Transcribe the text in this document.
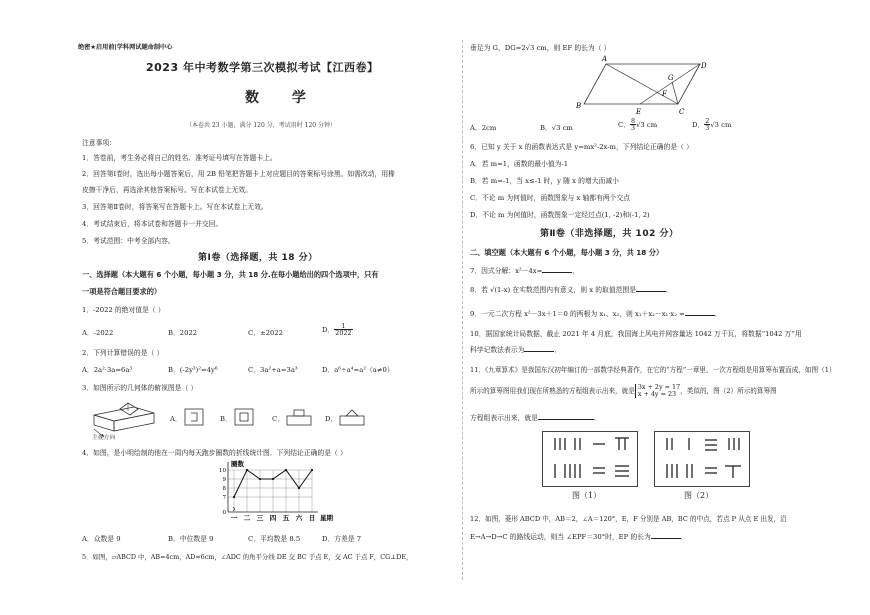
绝密★启用前|学科网试题命制中心
2023 年中考数学第三次模拟考试【江西卷】
数 学
（本卷共 23 小题，满分 120 分，考试用时 120 分钟）
注意事项：
1．答卷前，考生务必将自己的姓名、准考证号填写在答题卡上。
2．回答第Ⅰ卷时，选出每小题答案后，用 2B 铅笔把答题卡上对应题目的答案标号涂黑。如需改动，用橡
皮擦干净后，再选涂其他答案标号。写在本试卷上无效。
3．回答第Ⅱ卷时，将答案写在答题卡上。写在本试卷上无效。
4．考试结束后，将本试卷和答题卡一并交回。
5．考试范围：中考全部内容。
第Ⅰ卷（选择题，共 18 分）
一、选择题（本大题有 6 个小题，每小题 3 分，共 18 分.在每小题给出的四个选项中，只有
一项是符合题目要求的）
1．-2022 的绝对值是（ ）
A．-2022	B．2022	C．±2022	D． $\frac{1}{2022}$
2．下列计算错误的是（ ）
A．2a²·3a=6a³	B．(-2y³)²=4y⁶	C．3a²+a=3a³	D．a⁶÷a⁴=a²（a≠0）
3．如图所示的几何体的俯视图是（ ）
主视方向
A．	B．	C．	D．
4．如图，是小明绘制的他在一周内每天跑步圈数的折线统计图．下列结论正确的是（ ）
10
9
8
7
0
一 二 三 四 五 六 日
圈数
星期
A．众数是 9	B．中位数是 9	C．平均数是 8.5	D．方差是 7
5．如图，▱ABCD 中，AB=4cm，AD=6cm，∠ADC 的角平分线 DE 交 BC 于点 E，交 AC 于点 F，CG⊥DE，
垂足为 G，DG=2√3 cm，则 EF 的长为（ ）
A
D
B
E	C
G
F
A．2cm	B．√3 cm	C． $\frac{8}{3} √3$ cm	D． $\frac{2}{3} √3$ cm
6．已知 y 关于 x 的函数表达式是 y=mx²-2x-m，下列结论正确的是（ ）
A．若 m=1，函数的最小值为-1
B．若 m=-1，当 x≤-1 时，y 随 x 的增大而减小
C．不论 m 为何值时，函数图象与 x 轴都有两个交点
D．不论 m 为何值时，函数图象一定经过点(1, -2)和(-1, 2)
第Ⅱ卷（非选择题，共 102 分）
二、填空题（本大题有 6 个小题，每小题 3 分，共 18 分）
7．因式分解：x²－4x=	．
8．若 √(1-x) 在实数范围内有意义，则 x 的取值范围是	．
9．一元二次方程 x²－3x＋1＝0 的两根为 x₁、x₂，则 x₁＋x₂－x₁·x₂ =	．
10．据国家统计局数据，截止 2021 年 4 月底，我国海上风电并网容量达 1042 万千瓦，将数据“1042 万”用
科学记数法表示为	．
11．《九章算术》是我国东汉初年编订的一部数学经典著作，在它的“方程”一章里，一次方程组是用算筹布置而成，如图（1）
所示的算筹图用我们现在所熟悉的方程组表示出来，就是3x + 2y = 17
x + 4y = 23 ，类似的，图（2）所示的算筹图
方程组表示出来，就是	．
图（1）	图（2）
12．如图，菱形 ABCD 中，AB＝2，∠A＝120°，E，F 分别是 AB，BC 的中点，若点 P 从点 E 出发，沿
E→A→D→C 的路线运动，则当 ∠EPF＝30°时，EP 的长为	．
